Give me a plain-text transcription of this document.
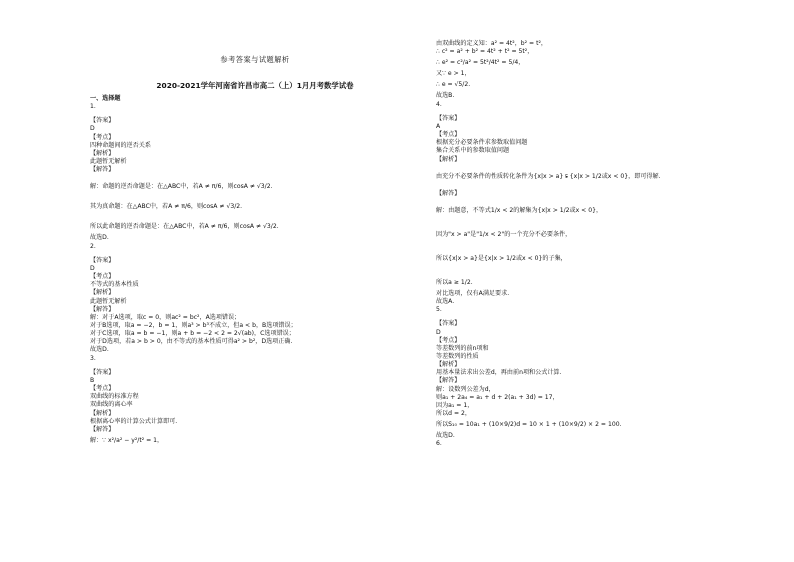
参考答案与试题解析
2020-2021学年河南省许昌市高二（上）1月月考数学试卷
一、选择题
1.
【答案】
D
【考点】
四种命题间的逆否关系
【解析】
此题暂无解析
【解答】
解：命题的逆否命题是：在△ABC中，若A ≠ π/6，则cosA ≠ √3/2.
其为真命题：在△ABC中，若A ≠ π/6，则cosA ≠ √3/2.
所以此命题的逆否命题是：在△ABC中，若A ≠ π/6，则cosA ≠ √3/2.
故选D.
2.
【答案】
D
【考点】
不等式的基本性质
【解析】
此题暂无解析
【解答】
解：对于A选项，取c = 0，则ac² = bc²，A选项错误；
对于B选项，取a = −2，b = 1，则a³ > b³不成立，但a < b，B选项错误；
对于C选项，取a = b = −1，则a + b = −2 < 2 = 2√(ab)，C选项错误；
对于D选项，若a > b > 0，由不等式的基本性质可得a² > b²，D选项正确.
故选D.
3.
【答案】
B
【考点】
双曲线的标准方程
双曲线的离心率
【解析】
根据离心率的计算公式计算即可.
【解答】
解：∵ x²/a² − y²/t² = 1，
由双曲线的定义知：a² = 4t²，b² = t²，
∴ c² = a² + b² = 4t² + t² = 5t²，
∴ e² = c²/a² = 5t²/4t² = 5/4，
又∵ e > 1，
∴ e = √5/2.
故选B.
4.
【答案】
A
【考点】
根据充分必要条件求参数取值问题
集合关系中的参数取值问题
【解析】
由充分不必要条件的性质转化条件为{x|x > a} ⫋ {x|x > 1/2或x < 0}，即可得解.
【解答】
解：由题意，不等式1/x < 2的解集为{x|x > 1/2或x < 0}，
因为"x > a"是"1/x < 2"的一个充分不必要条件，
所以{x|x > a}是{x|x > 1/2或x < 0}的子集，
所以a ≥ 1/2.
对比选项，仅有A满足要求.
故选A.
5.
【答案】
D
【考点】
等差数列的前n项和
等差数列的性质
【解析】
用基本量法求出公差d，再由前n项和公式计算.
【解答】
解：设数列公差为d，
则a₁ + 2a₄ = a₁ + d + 2(a₁ + 3d) = 17，
因为a₁ = 1，
所以d = 2，
所以S₁₀ = 10a₁ + (10×9/2)d = 10 × 1 + (10×9/2) × 2 = 100.
故选D.
6.
